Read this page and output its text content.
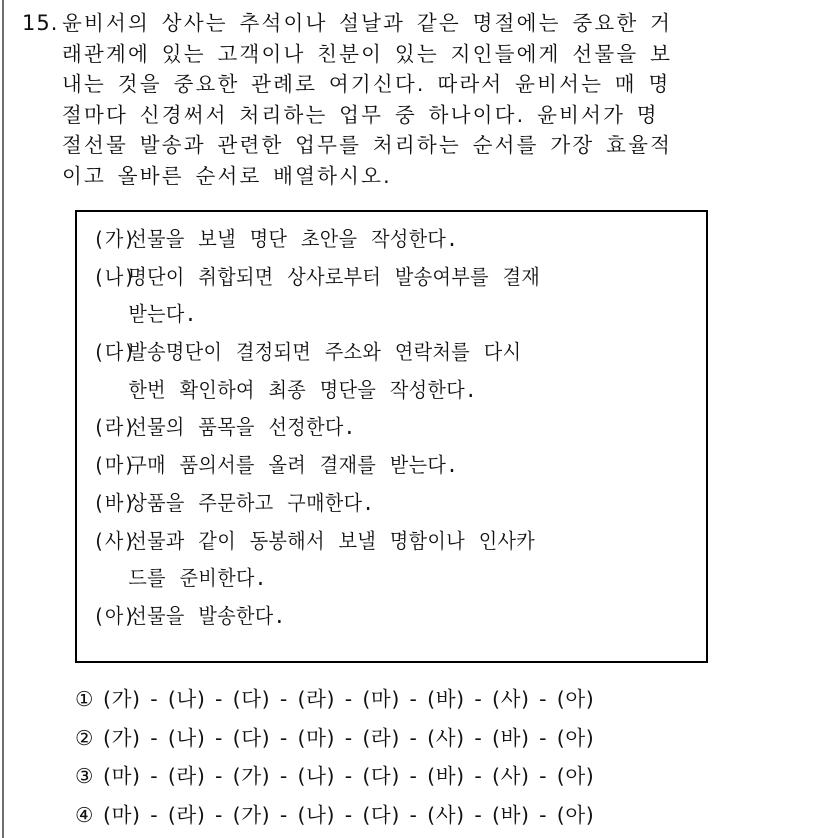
15. 윤비서의 상사는 추석이나 설날과 같은 명절에는 중요한 거
래관계에 있는 고객이나 친분이 있는 지인들에게 선물을 보
내는 것을 중요한 관례로 여기신다. 따라서 윤비서는 매 명
절마다 신경써서 처리하는 업무 중 하나이다. 윤비서가 명
절선물 발송과 관련한 업무를 처리하는 순서를 가장 효율적
이고 올바른 순서로 배열하시오.
(가)선물을 보낼 명단 초안을 작성한다.
(나)명단이 취합되면 상사로부터 발송여부를 결재
받는다.
(다)발송명단이 결정되면 주소와 연락처를 다시
한번 확인하여 최종 명단을 작성한다.
(라)선물의 품목을 선정한다.
(마)구매 품의서를 올려 결재를 받는다.
(바)상품을 주문하고 구매한다.
(사)선물과 같이 동봉해서 보낼 명함이나 인사카
드를 준비한다.
(아)선물을 발송한다.
① (가) - (나) - (다) - (라) - (마) - (바) - (사) - (아)
② (가) - (나) - (다) - (마) - (라) - (사) - (바) - (아)
③ (마) - (라) - (가) - (나) - (다) - (바) - (사) - (아)
④ (마) - (라) - (가) - (나) - (다) - (사) - (바) - (아)
